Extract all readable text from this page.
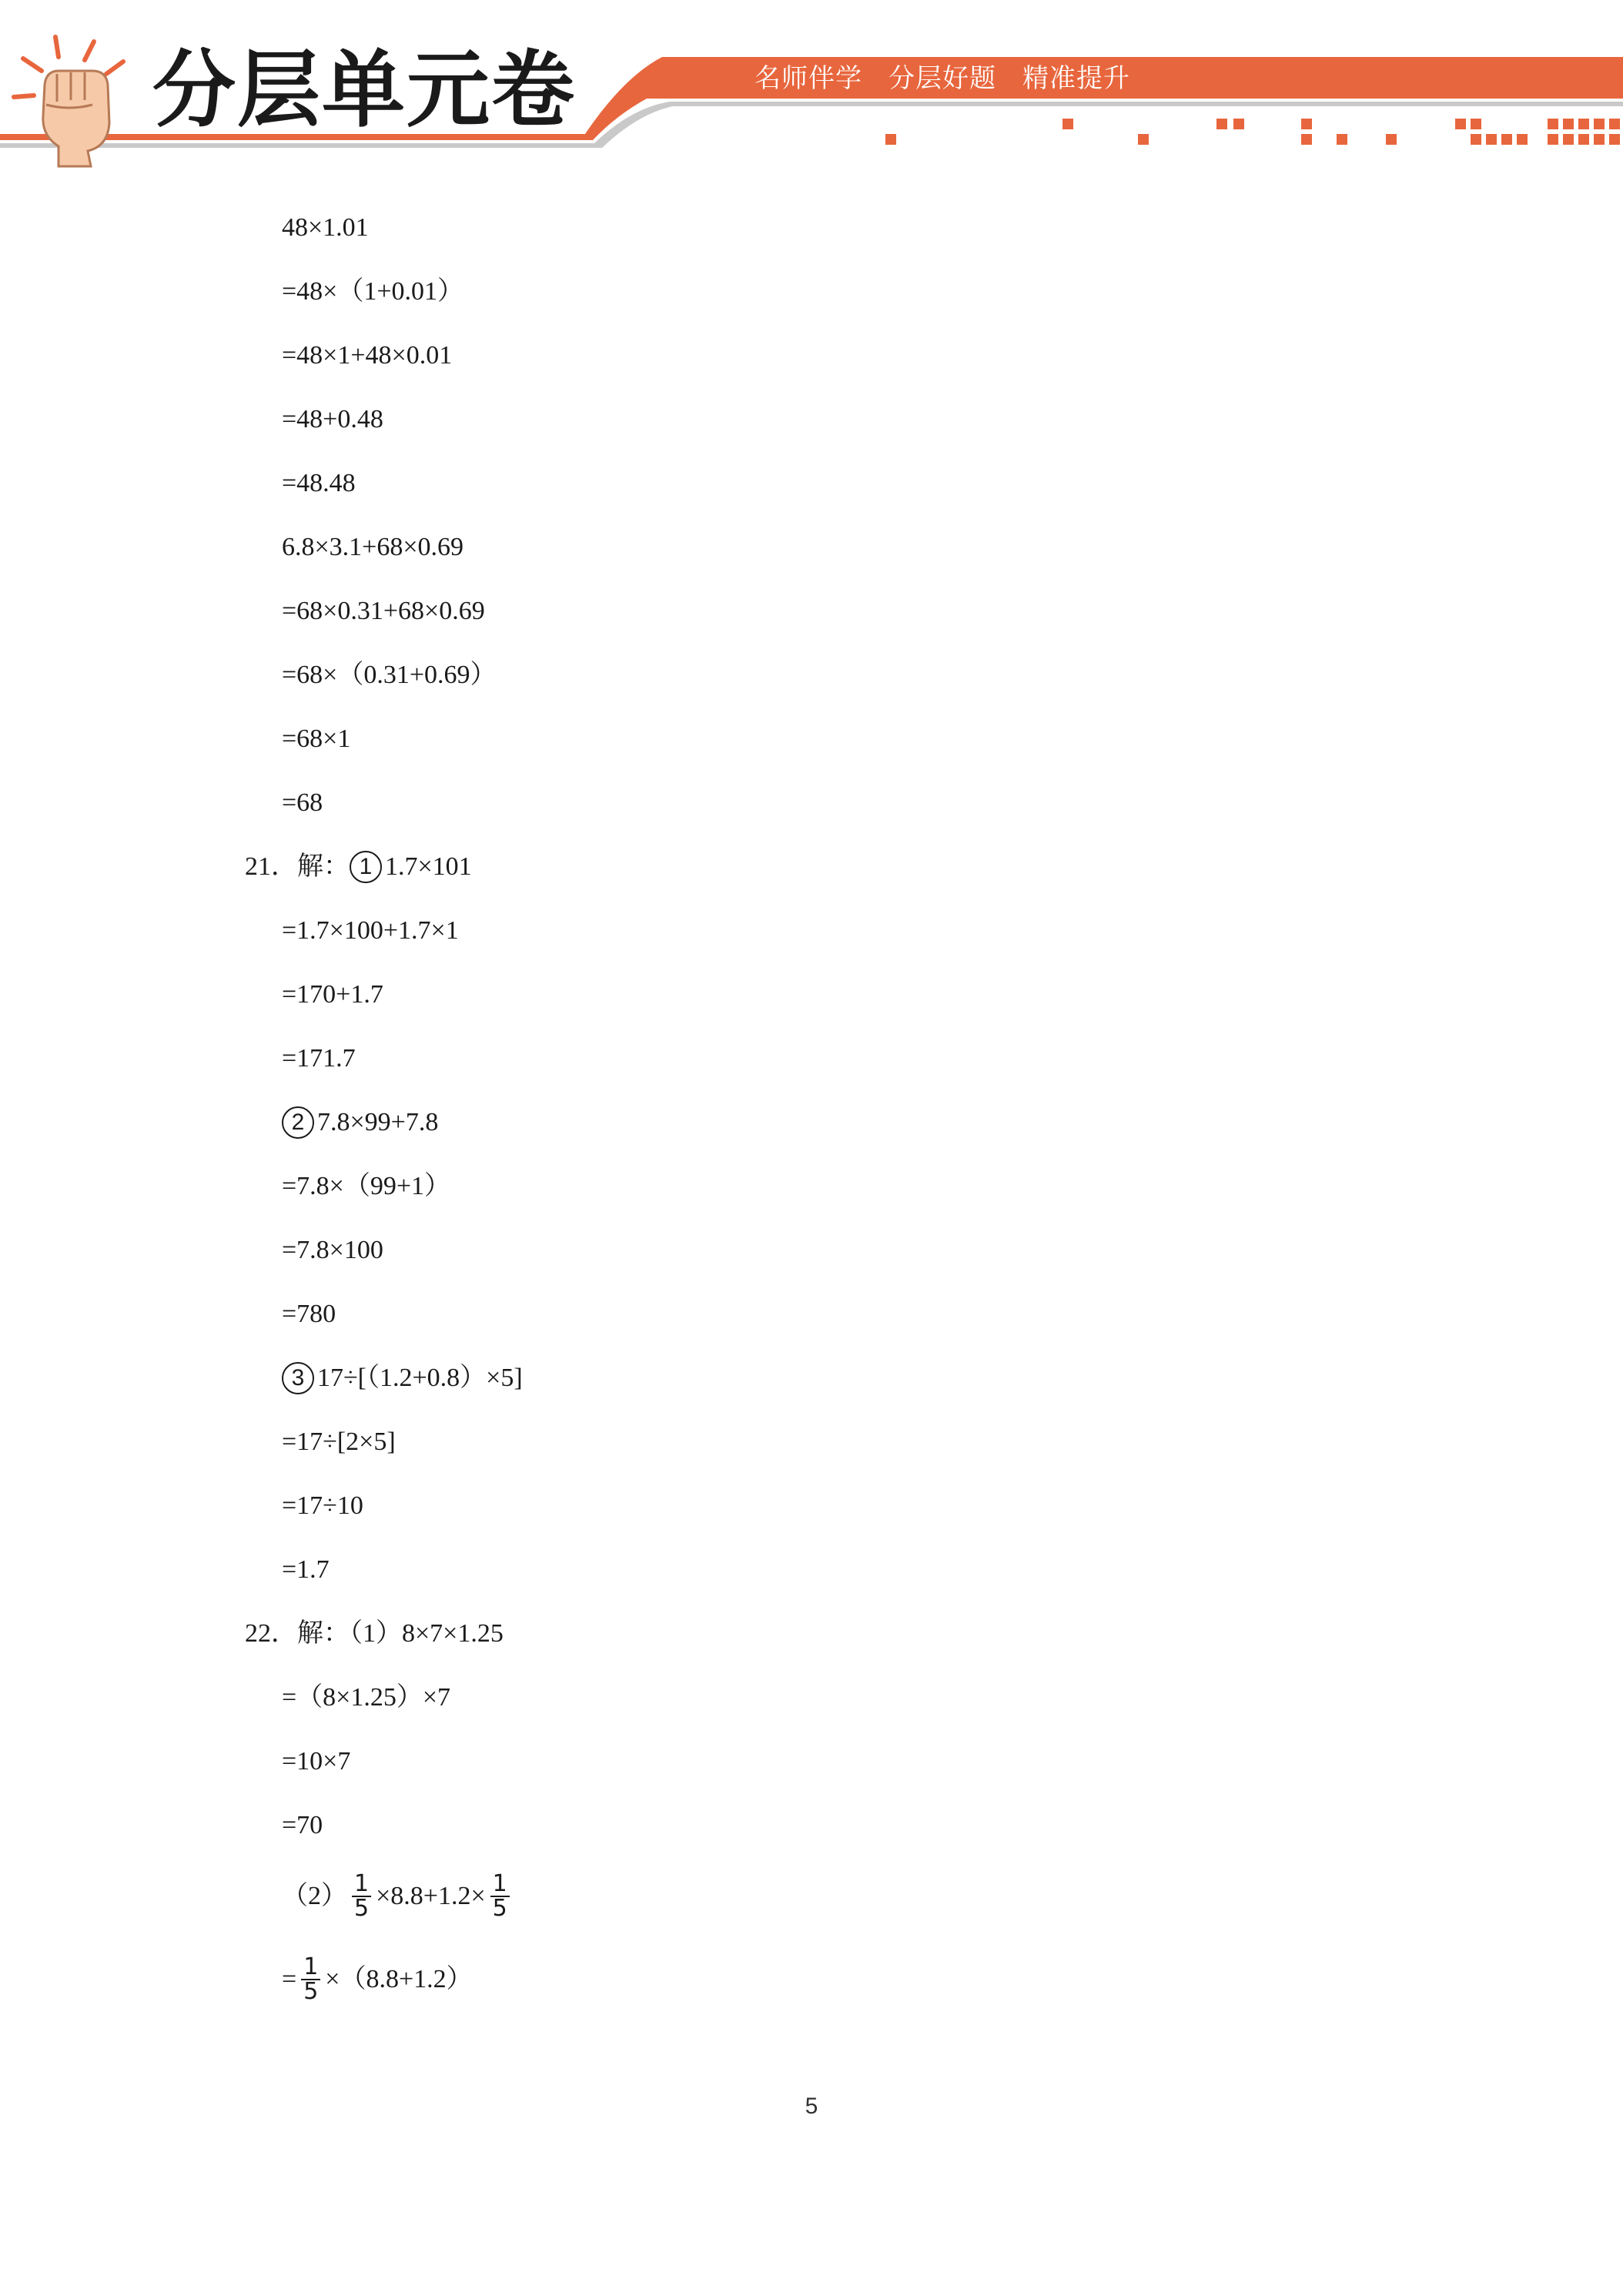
分层单元卷	名师伴学 分层好题 精准提升
48×1.01
=48×（1+0.01）
=48×1+48×0.01
=48+0.48
=48.48
6.8×3.1+68×0.69
=68×0.31+68×0.69
=68×（0.31+0.69）
=68×1
=68
21．解： 1 1.7×101
=1.7×100+1.7×1
=170+1.7
=171.7
2 7.8×99+7.8
=7.8×（99+1）
=7.8×100
=780
3 17÷[（1.2+0.8）×5]
=17÷[2×5]
=17÷10
=1.7
22．解：（1）8×7×1.25
=（8×1.25）×7
=10×7
=70
$(2) \frac{1}{5} \times 8.8+1.2\times \frac{1}{5}$
= $\frac{1}{5} \times(8.8+1.2)$
5
